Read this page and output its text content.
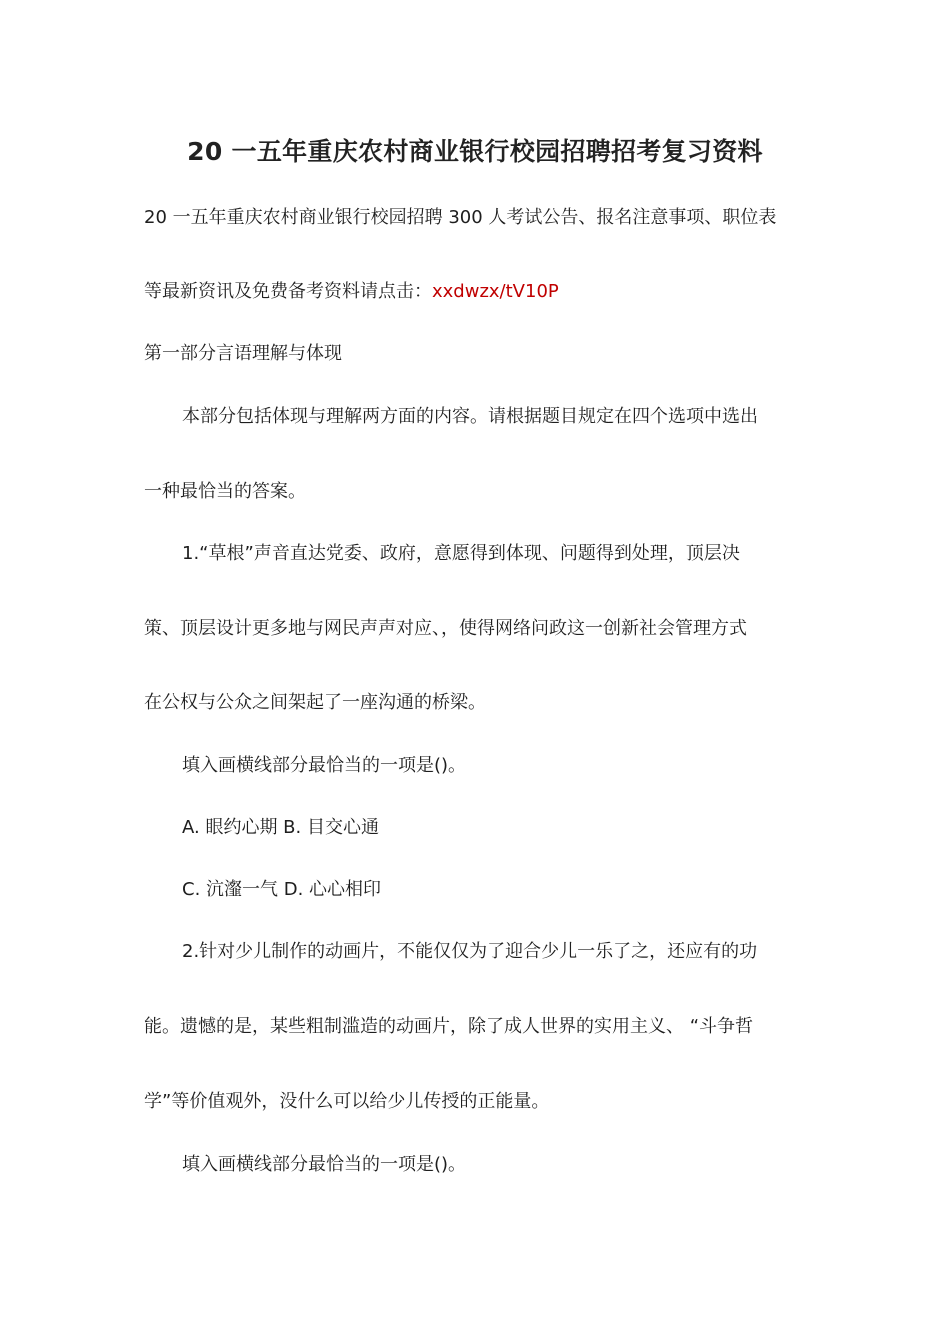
20 一五年重庆农村商业银行校园招聘招考复习资料
20 一五年重庆农村商业银行校园招聘 300 人考试公告、报名注意事项、职位表
等最新资讯及免费备考资料请点击：xxdwzx/tV10P
第一部分言语理解与体现
本部分包括体现与理解两方面的内容。请根据题目规定在四个选项中选出
一种最恰当的答案。
1.“草根”声音直达党委、政府，意愿得到体现、问题得到处理，顶层决
策、顶层设计更多地与网民声声对应、，使得网络问政这一创新社会管理方式
在公权与公众之间架起了一座沟通的桥梁。
填入画横线部分最恰当的一项是()。
A. 眼约心期 B. 目交心通
C. 沆瀣一气 D. 心心相印
2.针对少儿制作的动画片，不能仅仅为了迎合少儿一乐了之，还应有的功
能。遗憾的是，某些粗制滥造的动画片，除了成人世界的实用主义、 “斗争哲
学”等价值观外，没什么可以给少儿传授的正能量。
填入画横线部分最恰当的一项是()。
